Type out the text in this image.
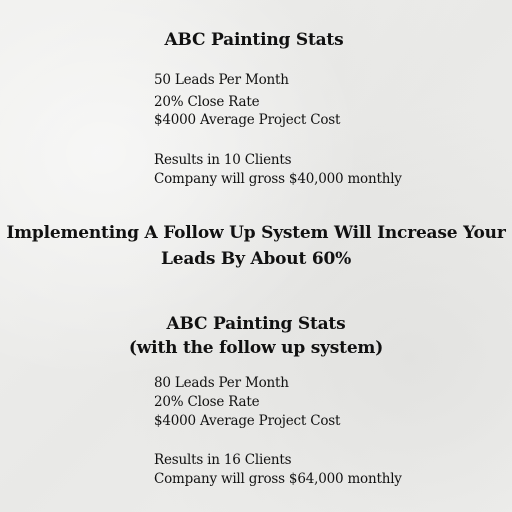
ABC Painting Stats
50 Leads Per Month
20% Close Rate
$4000 Average Project Cost
Results in 10 Clients
Company will gross $40,000 monthly
Implementing A Follow Up System Will Increase Your
Leads By About 60%
ABC Painting Stats
(with the follow up system)
80 Leads Per Month
20% Close Rate
$4000 Average Project Cost
Results in 16 Clients
Company will gross $64,000 monthly
